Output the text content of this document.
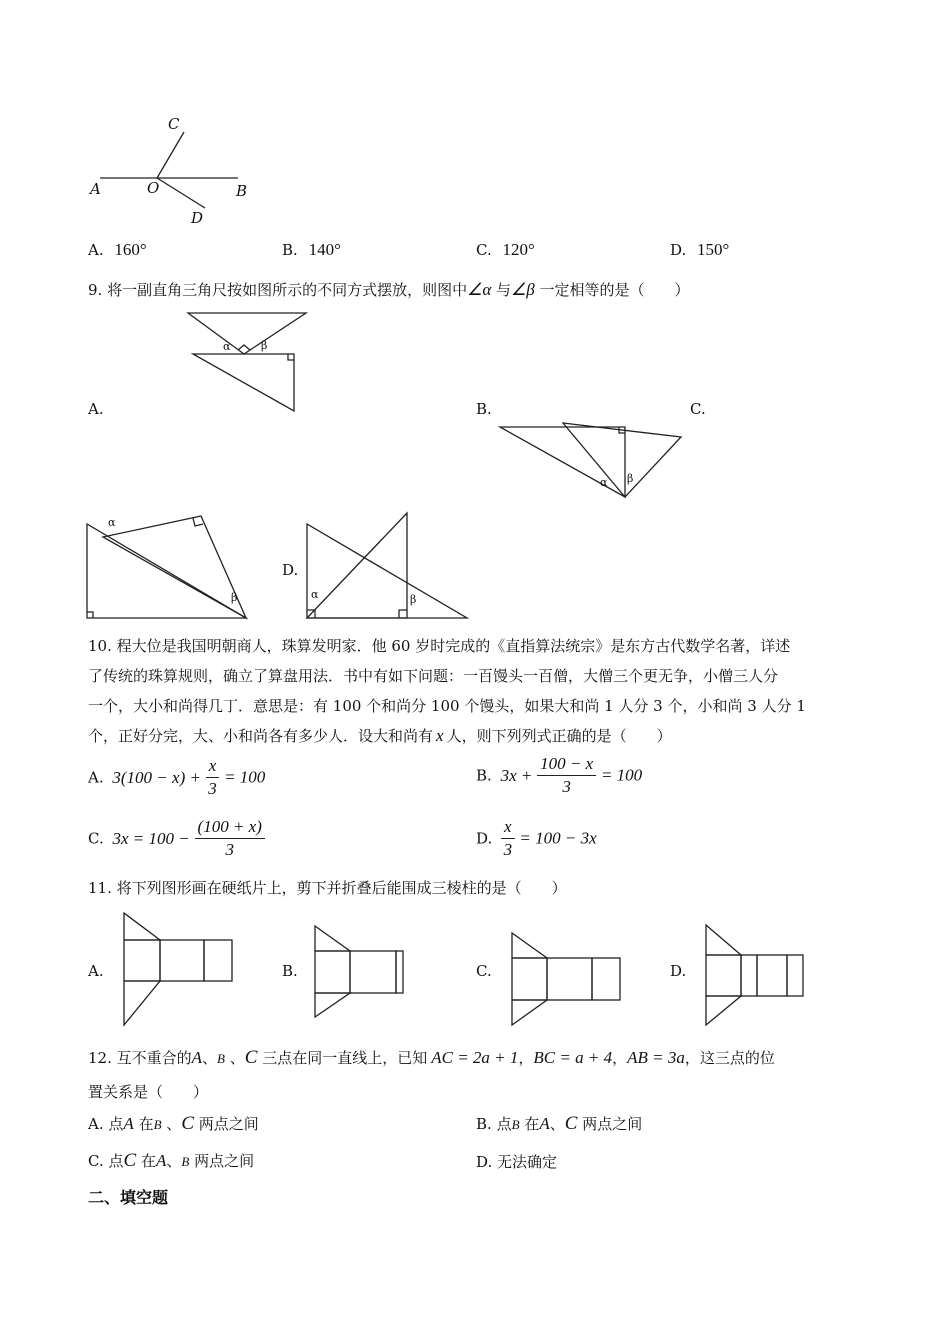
C
A	O	B
D
A. 160°	B. 140°	C. 120°	D. 150°
9. 将一副直角三角尺按如图所示的不同方式摆放，则图中∠α 与∠β 一定相等的是（　　）
α	β
A.
α β
B.	C.
α
β	α	β
D.
10. 程大位是我国明朝商人，珠算发明家．他 60 岁时完成的《直指算法统宗》是东方古代数学名著，详述
了传统的珠算规则，确立了算盘用法．书中有如下问题：一百馒头一百僧，大僧三个更无争，小僧三人分
一个，大小和尚得几丁．意思是：有 100 个和尚分 100 个馒头，如果大和尚 1 人分 3 个，小和尚 3 人分 1
个，正好分完，大、小和尚各有多少人．设大和尚有 x 人，则下列列式正确的是（　　）
A. $3(100 - x) + \frac{x}{3} = 100$	B. $3x + \frac{100 - x}{3} = 100$
C. $3x = 100 - \frac{(100 + x)}{3}$	D. $\frac{x}{3} = 100 - 3x$
11. 将下列图形画在硬纸片上，剪下并折叠后能围成三棱柱的是（　　）
A.	B.	C.	D.
12. 互不重合的A、B 、C 三点在同一直线上，已知 AC = 2a + 1，BC = a + 4，AB = 3a，这三点的位
置关系是（　　）
A. 点A 在B 、C 两点之间	B. 点B 在A、C 两点之间
C. 点C 在A、B 两点之间	D. 无法确定
二、填空题
